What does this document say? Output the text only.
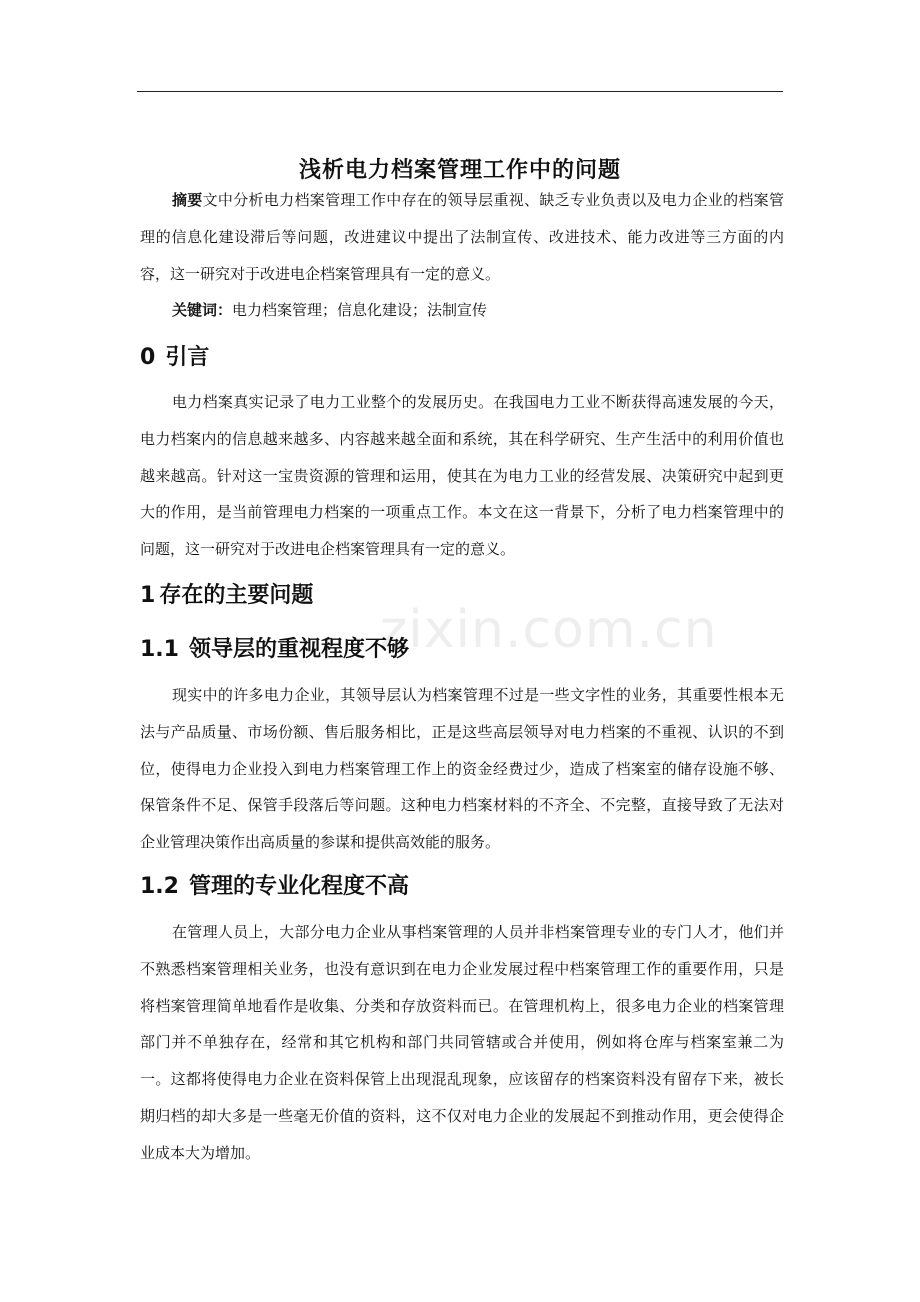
zixin.com.cn
浅析电力档案管理工作中的问题

摘要文中分析电力档案管理工作中存在的领导层重视、缺乏专业负责以及电力企业的档案管理的信息化建设滞后等问题，改进建议中提出了法制宣传、改进技术、能力改进等三方面的内容，这一研究对于改进电企档案管理具有一定的意义。

关键词：电力档案管理；信息化建设；法制宣传

0 引言

电力档案真实记录了电力工业整个的发展历史。在我国电力工业不断获得高速发展的今天，电力档案内的信息越来越多、内容越来越全面和系统，其在科学研究、生产生活中的利用价值也越来越高。针对这一宝贵资源的管理和运用，使其在为电力工业的经营发展、决策研究中起到更大的作用，是当前管理电力档案的一项重点工作。本文在这一背景下，分析了电力档案管理中的问题，这一研究对于改进电企档案管理具有一定的意义。

1 存在的主要问题
1.1 领导层的重视程度不够

现实中的许多电力企业，其领导层认为档案管理不过是一些文字性的业务，其重要性根本无法与产品质量、市场份额、售后服务相比，正是这些高层领导对电力档案的不重视、认识的不到位，使得电力企业投入到电力档案管理工作上的资金经费过少，造成了档案室的储存设施不够、保管条件不足、保管手段落后等问题。这种电力档案材料的不齐全、不完整，直接导致了无法对企业管理决策作出高质量的参谋和提供高效能的服务。

1.2 管理的专业化程度不高

在管理人员上，大部分电力企业从事档案管理的人员并非档案管理专业的专门人才，他们并不熟悉档案管理相关业务，也没有意识到在电力企业发展过程中档案管理工作的重要作用，只是将档案管理简单地看作是收集、分类和存放资料而已。在管理机构上，很多电力企业的档案管理部门并不单独存在，经常和其它机构和部门共同管辖或合并使用，例如将仓库与档案室兼二为一。这都将使得电力企业在资料保管上出现混乱现象，应该留存的档案资料没有留存下来，被长期归档的却大多是一些毫无价值的资料，这不仅对电力企业的发展起不到推动作用，更会使得企业成本大为增加。
